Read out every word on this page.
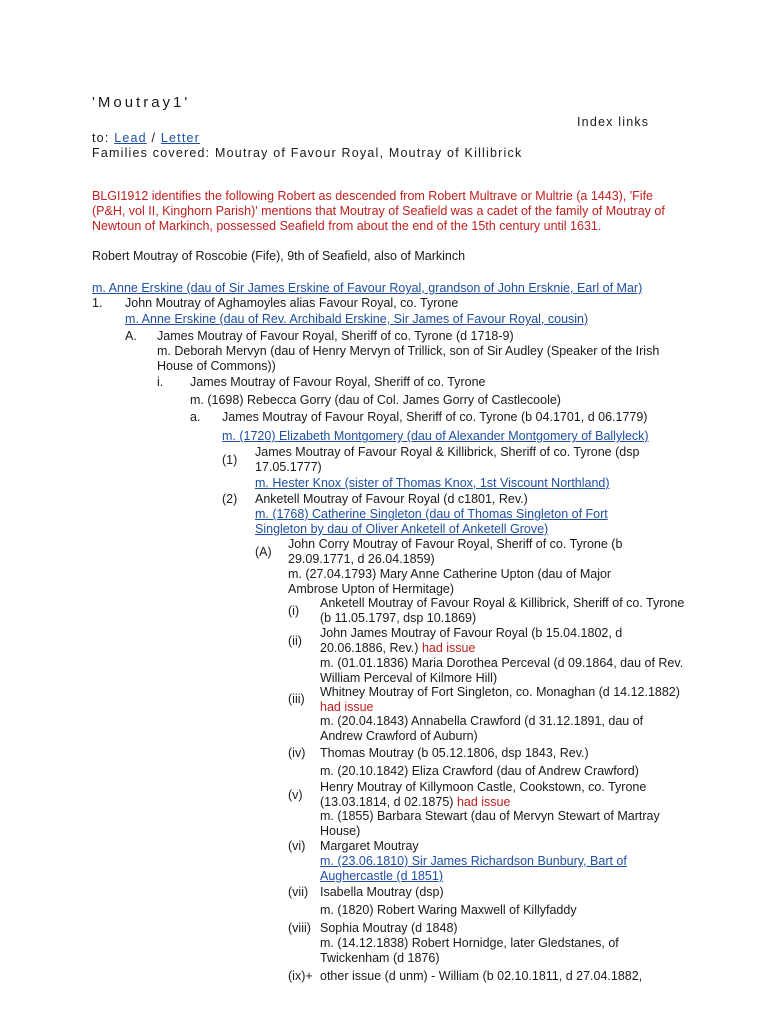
'Moutray1'
Index links
to: Lead / Letter
Families covered: Moutray of Favour Royal, Moutray of Killibrick
BLGI1912 identifies the following Robert as descended from Robert Multrave or Multrie (a 1443), 'Fife (P&H, vol II, Kinghorn Parish)' mentions that Moutray of Seafield was a cadet of the family of Moutray of Newtoun of Markinch, possessed Seafield from about the end of the 15th century until 1631.
Robert Moutray of Roscobie (Fife), 9th of Seafield, also of Markinch
m. Anne Erskine (dau of Sir James Erskine of Favour Royal, grandson of John Ersknie, Earl of Mar)
1. John Moutray of Aghamoyles alias Favour Royal, co. Tyrone
m. Anne Erskine (dau of Rev. Archibald Erskine, Sir James of Favour Royal, cousin)
A. James Moutray of Favour Royal, Sheriff of co. Tyrone (d 1718-9)
m. Deborah Mervyn (dau of Henry Mervyn of Trillick, son of Sir Audley (Speaker of the Irish House of Commons))
i. James Moutray of Favour Royal, Sheriff of co. Tyrone
m. (1698) Rebecca Gorry (dau of Col. James Gorry of Castlecoole)
a. James Moutray of Favour Royal, Sheriff of co. Tyrone (b 04.1701, d 06.1779)
m. (1720) Elizabeth Montgomery (dau of Alexander Montgomery of Ballyleck)
(1)
James Moutray of Favour Royal & Killibrick, Sheriff of co. Tyrone (dsp 17.05.1777)
m. Hester Knox (sister of Thomas Knox, 1st Viscount Northland)
(2) Anketell Moutray of Favour Royal (d c1801, Rev.)
m. (1768) Catherine Singleton (dau of Thomas Singleton of Fort Singleton by dau of Oliver Anketell of Anketell Grove)
(A)
John Corry Moutray of Favour Royal, Sheriff of co. Tyrone (b 29.09.1771, d 26.04.1859)
m. (27.04.1793) Mary Anne Catherine Upton (dau of Major Ambrose Upton of Hermitage)
(i)
Anketell Moutray of Favour Royal & Killibrick, Sheriff of co. Tyrone (b 11.05.1797, dsp 10.1869)
(ii)
John James Moutray of Favour Royal (b 15.04.1802, d 20.06.1886, Rev.) had issue
m. (01.01.1836) Maria Dorothea Perceval (d 09.1864, dau of Rev. William Perceval of Kilmore Hill)
(iii) Whitney Moutray of Fort Singleton, co. Monaghan (d 14.12.1882) had issue
m. (20.04.1843) Annabella Crawford (d 31.12.1891, dau of Andrew Crawford of Auburn)
(iv) Thomas Moutray (b 05.12.1806, dsp 1843, Rev.)
m. (20.10.1842) Eliza Crawford (dau of Andrew Crawford)
(v)
Henry Moutray of Killymoon Castle, Cookstown, co. Tyrone (13.03.1814, d 02.1875) had issue
m. (1855) Barbara Stewart (dau of Mervyn Stewart of Martray House)
(vi) Margaret Moutray
m. (23.06.1810) Sir James Richardson Bunbury, Bart of Aughercastle (d 1851)
(vii) Isabella Moutray (dsp)
m. (1820) Robert Waring Maxwell of Killyfaddy
(viii) Sophia Moutray (d 1848)
m. (14.12.1838) Robert Hornidge, later Gledstanes, of Twickenham (d 1876)
(ix)+ other issue (d unm) - William (b 02.10.1811, d 27.04.1882,
